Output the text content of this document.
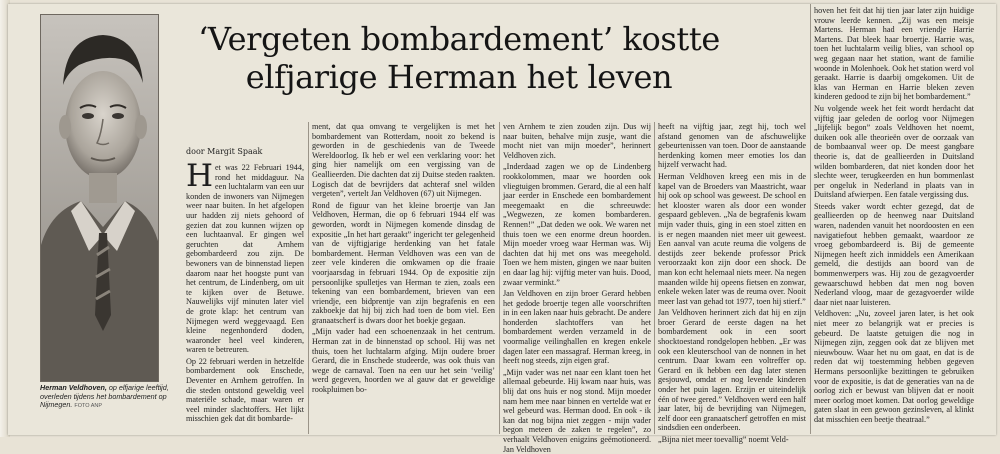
Herman Veldhoven, op elfjarige leeftijd, overleden tijdens het bombardement op Nijmegen. FOTO ANP
‘Vergeten bombardement’ kostte
elfjarige Herman het leven
door Margit Spaak

Het was 22 Februari 1944, rond het middaguur. Na een luchtalarm van een uur konden de inwoners van Nijmegen weer naar buiten. In het afgelopen uur hadden zij niets gehoord of gezien dat zou kunnen wijzen op een luchtaanval. Er gingen wel geruchten dat Arnhem gebombardeerd zou zijn. De bewoners van de binnenstad liepen daarom naar het hoogste punt van het centrum, de Lindenberg, om uit te kijken over de Betuwe. Nauwelijks vijf minuten later viel de grote klap: het centrum van Nijmegen werd weggevaagd. Een kleine negenhonderd doden, waaronder heel veel kinderen, waren te betreuren.

Op 22 februari werden in hetzelfde bombardement ook Enschede, Deventer en Arnhem getroffen. In die steden ontstond geweldig veel materiële schade, maar waren er veel minder slachtoffers. Het lijkt misschien gek dat dit bombarde-

ment, dat qua omvang te vergelijken is met het bombardement van Rotterdam, nooit zo bekend is geworden in de geschiedenis van de Tweede Wereldoorlog. Ik heb er wel een verklaring voor: het ging hier namelijk om een vergissing van de Geallieerden. Die dachten dat zij Duitse steden raakten. Logisch dat de bevrijders dat achteraf snel wilden vergeten”, vertelt Jan Veldhoven (67) uit Nijmegen.

Rond de figuur van het kleine broertje van Jan Veldhoven, Herman, die op 6 februari 1944 elf was geworden, wordt in Nijmegen komende dinsdag de expositie „In het hart geraakt” ingericht ter gelegenheid van de vijftigjarige herdenking van het fatale bombardement. Herman Veldhoven was een van de zeer vele kinderen die omkwamen op die fraaie voorjaarsdag in februari 1944. Op de expositie zijn persoonlijke spulletjes van Herman te zien, zoals een tekening van een bombardement, brieven van een vriendje, een bidprentje van zijn begrafenis en een zakboekje dat hij bij zich had toen de bom viel. Een granaatscherf is dwars door het boekje gegaan.

„Mijn vader had een schoenenzaak in het centrum. Herman zat in de binnenstad op school. Hij was net thuis, toen het luchtalarm afging. Mijn oudere broer Gerard, die in Enschede studeerde, was ook thuis van wege de carnaval. Toen na een uur het sein ‘veilig’ werd gegeven, hoorden we al gauw dat er geweldige rookpluimen bo-

ven Arnhem te zien zouden zijn. Dus wij naar buiten, behalve mijn zusje, want die mocht niet van mijn moeder”, herinnert Veldhoven zich.

„Inderdaad zagen we op de Lindenberg rookkolommen, maar we hoorden ook vliegtuigen brommen. Gerard, die al een half jaar eerder in Enschede een bombardement meegemaakt en die schreeuwde: „Wegwezen, ze komen bombarderen. Rennen!” „Dat deden we ook. We waren net thuis toen we een enorme dreun hoorden. Mijn moeder vroeg waar Herman was. Wij dachten dat hij met ons was meegehold. Toen we hem misten, gingen we naar buiten en daar lag hij: vijftig meter van huis. Dood, zwaar verminkt.”

Jan Veldhoven en zijn broer Gerard hebben het gedode broertje tegen alle voorschriften in in een laken naar huis gebracht. De andere honderden slachtoffers van het bombardement werden verzameld in de voormalige veilinghallen en kregen enkele dagen later een massagraf. Herman kreeg, in heeft nog steeds, zijn eigen graf.

„Mijn vader was net naar een klant toen het allemaal gebeurde. Hij kwam naar huis, was blij dat ons huis er nog stond. Mijn moeder nam hem mee naar binnen en vertelde wat er wel gebeurd was. Herman dood. En ook - ik kan dat nog bijna niet zeggen - mijn vader begon meteen de zaken te regelen”, zo verhaalt Veldhoven enigzins geëmotioneerd. Jan Veldhoven

heeft na vijftig jaar, zegt hij, toch wel afstand genomen van de afschuwelijke gebeurtenissen van toen. Door de aanstaande herdenking komen meer emoties los dan hijzelf verwacht had.

Herman Veldhoven kreeg een mis in de kapel van de Broeders van Maastricht, waar hij ook op school was geweest. De school en het klooster waren als door een wonder gespaard gebleven. „Na de begrafenis kwam mijn vader thuis, ging in een stoel zitten en is er negen maanden niet meer uit geweest. Een aanval van acute reuma die volgens de destijds zeer bekende professor Prick veroorzaakt kon zijn door een shock. De man kon echt helemaal niets meer. Na negen maanden wilde hij opeens fietsen en zonwar, enkele weken later was de reuma over. Nooit meer last van gehad tot 1977, toen hij stierf.”

Jan Veldhoven herinnert zich dat hij en zijn broer Gerard de eerste dagen na het bombardement ook in een soort shocktoestand rondgelopen hebben. „Er was ook een kleuterschool van de nonnen in het centrum. Daar kwam een voltreffer op. Gerard en ik hebben een dag later stenen gesjouwd, omdat er nog levende kinderen onder het puin lagen. Erzijn er uiteindelijk één of twee gered.” Veldhoven werd een half jaar later, bij de bevrijding van Nijmegen, zelf door een granaatscherf getroffen en mist sindsdien een onderbeen.

„Bijna niet meer toevallig” noemt Veld-

hoven het feit dat hij tien jaar later zijn huidige vrouw leerde kennen. „Zij was een meisje Martens. Herman had een vriendje Harrie Martens. Dat bleek haar broertje. Harrie was, toen het luchtalarm veilig blies, van school op weg gegaan naar het station, want de familie woonde in Molenhoek. Ook het station werd vol geraakt. Harrie is daarbij omgekomen. Uit de klas van Herman en Harrie bleken zeven kinderen gedood te zijn bij het bombardement.”

Nu volgende week het feit wordt herdacht dat vijftig jaar geleden de oorlog voor Nijmegen „lijfelijk begon” zoals Veldhoven het noemt, duiken ook alle theorieën over de oorzaak van de bombaanval weer op. De meest gangbare theorie is, dat de geallieerden in Duitsland wilden bombarderen, dat niet konden door het slechte weer, terugkeerden en hun bommenlast per ongeluk in Nederland in plaats van in Duitsland afwierpen. Een fatale vergissing dus.

Steeds vaker wordt echter gezegd, dat de geallieerden op de heenweg naar Duitsland waren, nadenden vanuit het noordoosten en een navigatiefout hebben gemaakt, waardoor ze vroeg gebombardeerd is. Bij de gemeente Nijmegen heeft zich inmiddels een Amerikaan gemeld, die destijds aan boord van de bommenwerpers was. Hij zou de gezagvoerder gewaarschuwd hebben dat men nog boven Nederland vloog, maar de gezagvoerder wilde daar niet naar luisteren.

Veldhoven: „Nu, zoveel jaren later, is het ook niet meer zo belangrijk wat er precies is gebeurd. De laatste getuigen die nog in Nijmegen zijn, zeggen ook dat ze blijven met nieuwbouw. Waar het nu om gaat, en dat is de reden dat wij toestemming hebben gegeven Hermans persoonlijke bezittingen te gebruiken voor de expositie, is dat de generaties van na de oorlog zich er bewust van blijven dat er nooit meer oorlog moet komen. Dat oorlog geweldige gaten slaat in een gewoon gezinsleven, al klinkt dat misschien een beetje theatraal.”
